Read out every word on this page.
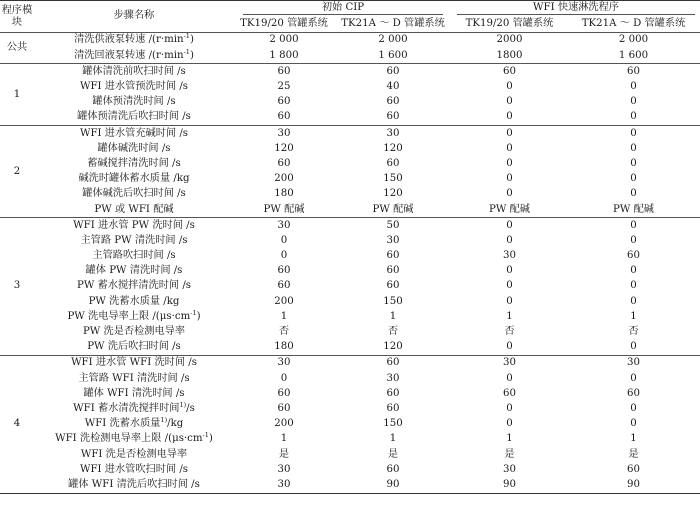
程序模块	步骤名称	初始 CIP		WFI 快速淋洗程序	
		TK19/20 管罐系统	TK21A ～ D 管罐系统	TK19/20 管罐系统	TK21A ～ D 管罐系统
公共	清洗供液泵转速 $/(r\cdot\min^{-1})$	2 000	2 000	2000	2 000
	清洗回液泵转速 $/(r\cdot\min^{-1})$	1 800	1 600	1800	1 600
1	罐体清洗前吹扫时间 /s	60	60	60	60
	WFI 进水管预洗时间 /s	25	40	0	0
	罐体预清洗时间 /s	60	60	0	0
	罐体预清洗后吹扫时间 /s	60	60	0	0
2	WFI 进水管充碱时间 /s	30	30	0	0
	罐体碱洗时间 /s	120	120	0	0
	蓄碱搅拌清洗时间 /s	60	60	0	0
	碱洗时罐体蓄水质量 /kg	200	150	0	0
	罐体碱洗后吹扫时间 /s	180	120	0	0
	PW 或 WFI 配碱	PW 配碱	PW 配碱	PW 配碱	PW 配碱
3	WFI 进水管 PW 洗时间 /s	30	50	0	0
	主管路 PW 清洗时间 /s	0	30	0	0
	主管路吹扫时间 /s	0	60	30	60
	罐体 PW 清洗时间 /s	60	60	0	0
	PW 蓄水搅拌清洗时间 /s	60	60	0	0
	PW 洗蓄水质量 /kg	200	150	0	0
	PW 洗电导率上限 $/(\mu s\cdot cm^{-1})$	1	1	1	1
	PW 洗是否检测电导率	否	否	否	否
	PW 洗后吹扫时间 /s	180	120	0	0
4	WFI 进水管 WFI 洗时间 /s	30	60	30	30
	主管路 WFI 清洗时间 /s	0	30	0	0
	罐体 WFI 清洗时间 /s	60	60	60	60
	WFI 蓄水清洗搅拌时间$^{1)}$/s	60	60	0	0
	WFI 洗蓄水质量$^{1)}$/kg	200	150	0	0
	WFI 洗检测电导率上限 $/(\mu s\cdot cm^{-1})$	1	1	1	1
	WFI 洗是否检测电导率	是	是	是	是
	WFI 进水管吹扫时间 /s	30	60	30	60
	罐体 WFI 清洗后吹扫时间 /s	30	90	90	90
